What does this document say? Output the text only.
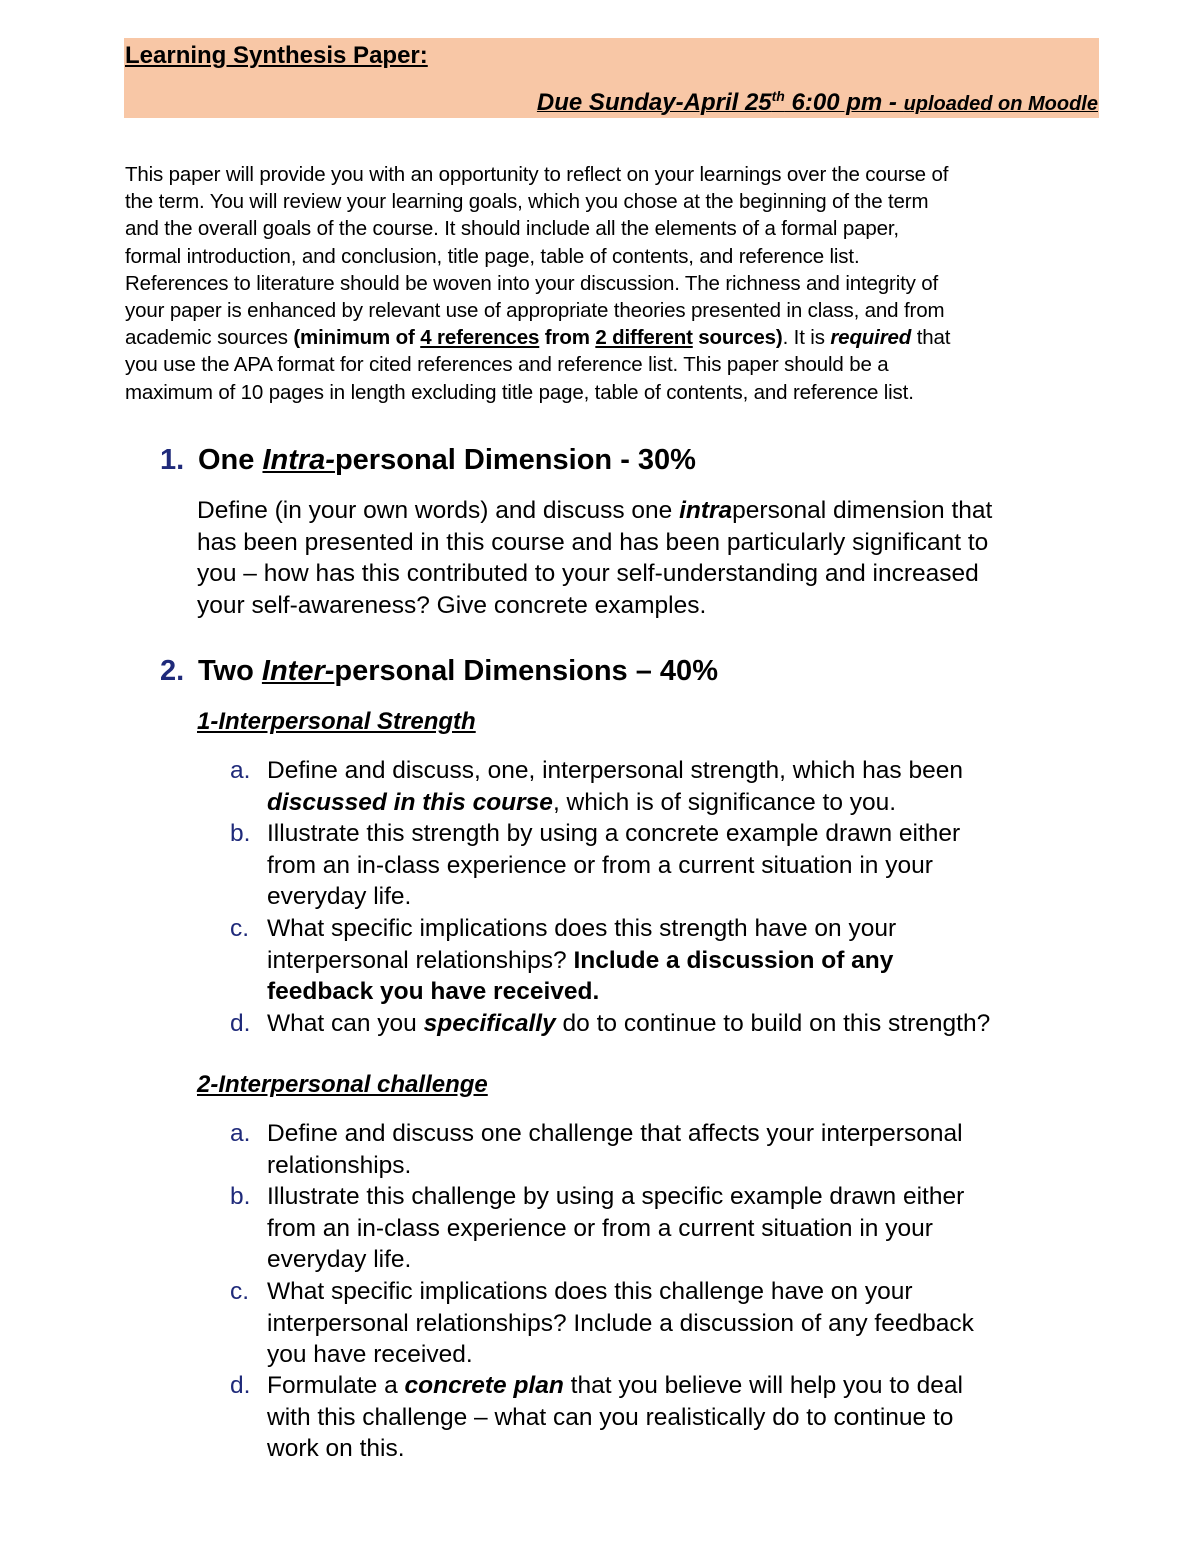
Learning Synthesis Paper:
Due Sunday-April 25th 6:00 pm - uploaded on Moodle
This paper will provide you with an opportunity to reflect on your learnings over the course of
the term. You will review your learning goals, which you chose at the beginning of the term
and the overall goals of the course. It should include all the elements of a formal paper,
formal introduction, and conclusion, title page, table of contents, and reference list.
References to literature should be woven into your discussion. The richness and integrity of
your paper is enhanced by relevant use of appropriate theories presented in class, and from
academic sources (minimum of 4 references from 2 different sources). It is required that
you use the APA format for cited references and reference list. This paper should be a
maximum of 10 pages in length excluding title page, table of contents, and reference list.
1. One Intra-personal Dimension - 30%
Define (in your own words) and discuss one intrapersonal dimension that
has been presented in this course and has been particularly significant to
you – how has this contributed to your self-understanding and increased
your self-awareness? Give concrete examples.
2. Two Inter-personal Dimensions – 40%
1-Interpersonal Strength
a. Define and discuss, one, interpersonal strength, which has been
discussed in this course, which is of significance to you.
b. Illustrate this strength by using a concrete example drawn either
from an in-class experience or from a current situation in your
everyday life.
c. What specific implications does this strength have on your
interpersonal relationships? Include a discussion of any
feedback you have received.
d. What can you specifically do to continue to build on this strength?
2-Interpersonal challenge
a. Define and discuss one challenge that affects your interpersonal
relationships.
b. Illustrate this challenge by using a specific example drawn either
from an in-class experience or from a current situation in your
everyday life.
c. What specific implications does this challenge have on your
interpersonal relationships? Include a discussion of any feedback
you have received.
d. Formulate a concrete plan that you believe will help you to deal
with this challenge – what can you realistically do to continue to
work on this.
